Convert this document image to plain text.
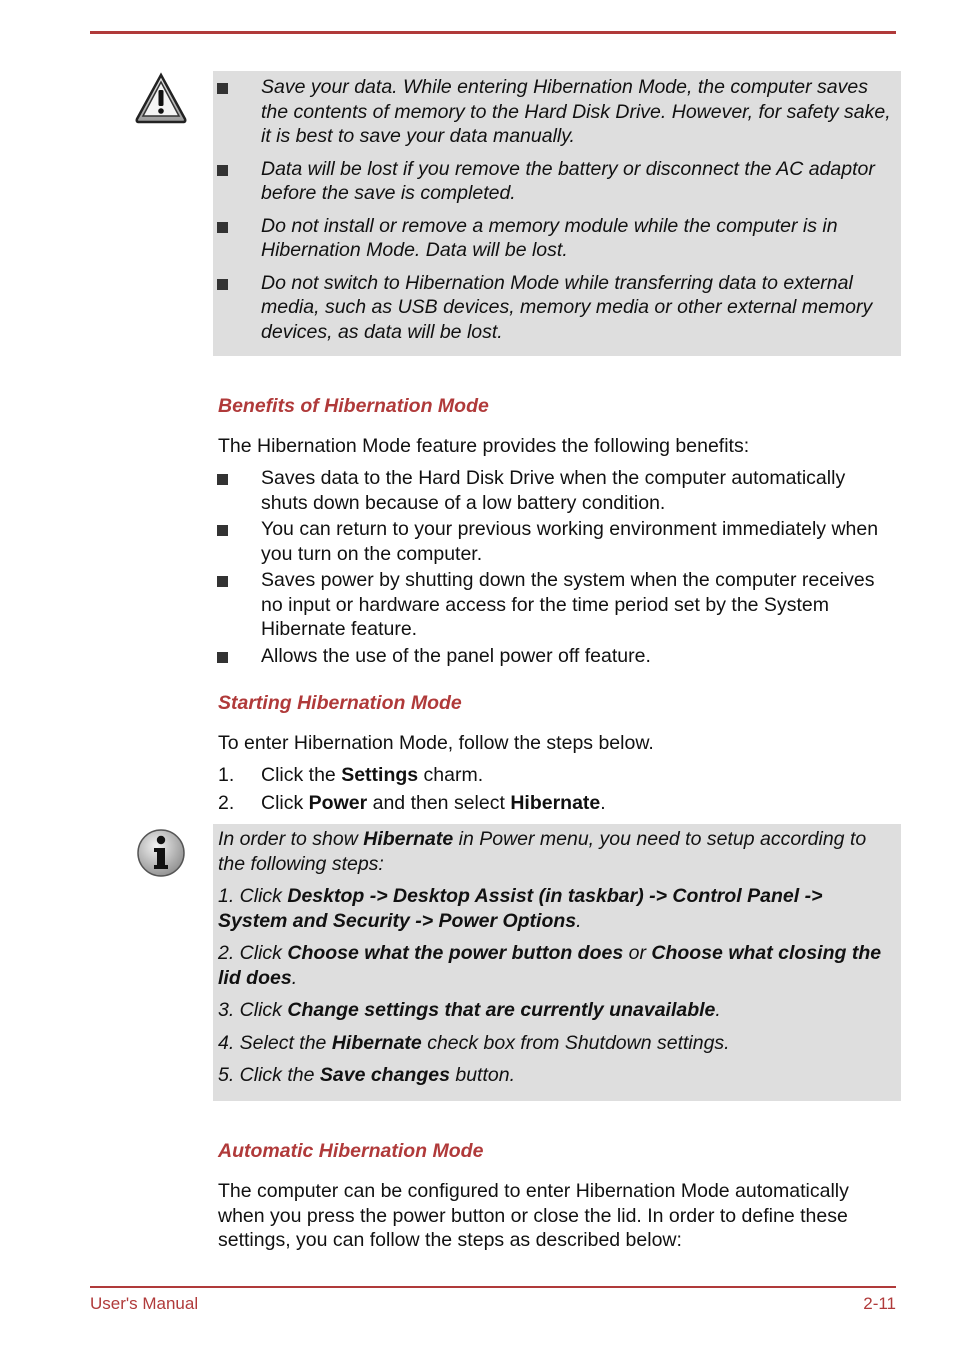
Save your data. While entering Hibernation Mode, the computer saves the contents of memory to the Hard Disk Drive. However, for safety sake, it is best to save your data manually.
Data will be lost if you remove the battery or disconnect the AC adaptor before the save is completed.
Do not install or remove a memory module while the computer is in Hibernation Mode. Data will be lost.
Do not switch to Hibernation Mode while transferring data to external media, such as USB devices, memory media or other external memory devices, as data will be lost.
Benefits of Hibernation Mode
The Hibernation Mode feature provides the following benefits:
Saves data to the Hard Disk Drive when the computer automatically shuts down because of a low battery condition.
You can return to your previous working environment immediately when you turn on the computer.
Saves power by shutting down the system when the computer receives no input or hardware access for the time period set by the System Hibernate feature.
Allows the use of the panel power off feature.
Starting Hibernation Mode
To enter Hibernation Mode, follow the steps below.
1. Click the Settings charm.
2. Click Power and then select Hibernate.

In order to show Hibernate in Power menu, you need to setup according to the following steps:

1. Click Desktop -> Desktop Assist (in taskbar) -> Control Panel -> System and Security -> Power Options.

2. Click Choose what the power button does or Choose what closing the lid does.

3. Click Change settings that are currently unavailable.

4. Select the Hibernate check box from Shutdown settings.

5. Click the Save changes button.

Automatic Hibernation Mode
The computer can be configured to enter Hibernation Mode automatically when you press the power button or close the lid. In order to define these settings, you can follow the steps as described below:
User's Manual	2-11
